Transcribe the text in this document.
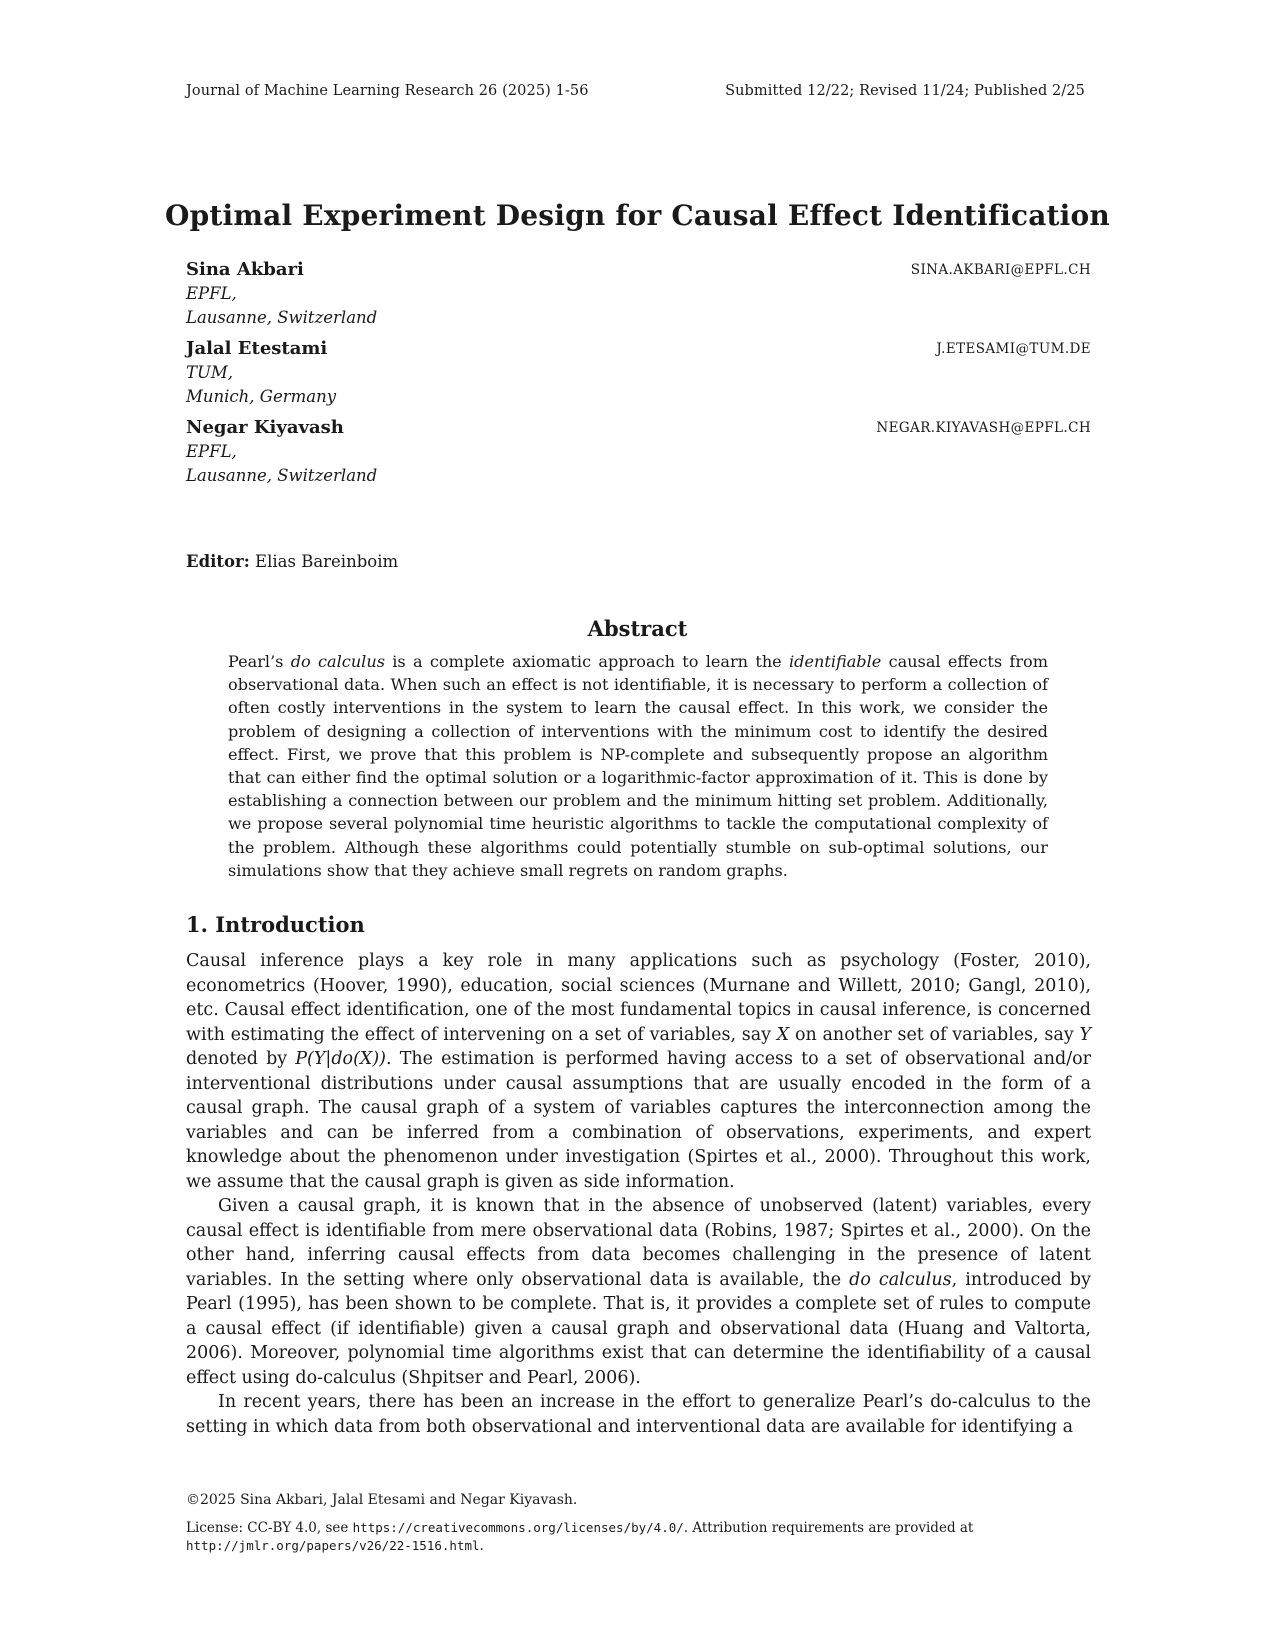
Journal of Machine Learning Research 26 (2025) 1-56	Submitted 12/22; Revised 11/24; Published 2/25
Optimal Experiment Design for Causal Effect Identification
Sina Akbari
EPFL,
Lausanne, Switzerland
SINA.AKBARI@EPFL.CH
Jalal Etestami
TUM,
Munich, Germany
J.ETESAMI@TUM.DE
Negar Kiyavash
EPFL,
Lausanne, Switzerland
NEGAR.KIYAVASH@EPFL.CH
Editor: Elias Bareinboim
Abstract
Pearl’s do calculus is a complete axiomatic approach to learn the identifiable causal effects from observational data. When such an effect is not identifiable, it is necessary to perform a collection of often costly interventions in the system to learn the causal effect. In this work, we consider the problem of designing a collection of interventions with the minimum cost to identify the desired effect. First, we prove that this problem is NP-complete and subsequently propose an algorithm that can either find the optimal solution or a logarithmic-factor approximation of it. This is done by establishing a connection between our problem and the minimum hitting set problem. Additionally, we propose several polynomial time heuristic algorithms to tackle the computational complexity of the problem. Although these algorithms could potentially stumble on sub-optimal solutions, our simulations show that they achieve small regrets on random graphs.
1. Introduction

Causal inference plays a key role in many applications such as psychology (Foster, 2010), econometrics (Hoover, 1990), education, social sciences (Murnane and Willett, 2010; Gangl, 2010), etc. Causal effect identification, one of the most fundamental topics in causal inference, is concerned with estimating the effect of intervening on a set of variables, say X on another set of variables, say Y denoted by P(Y|do(X)). The estimation is performed having access to a set of observational and/or interventional distributions under causal assumptions that are usually encoded in the form of a causal graph. The causal graph of a system of variables captures the interconnection among the variables and can be inferred from a combination of observations, experiments, and expert knowledge about the phenomenon under investigation (Spirtes et al., 2000). Throughout this work, we assume that the causal graph is given as side information.

Given a causal graph, it is known that in the absence of unobserved (latent) variables, every causal effect is identifiable from mere observational data (Robins, 1987; Spirtes et al., 2000). On the other hand, inferring causal effects from data becomes challenging in the presence of latent variables. In the setting where only observational data is available, the do calculus, introduced by Pearl (1995), has been shown to be complete. That is, it provides a complete set of rules to compute a causal effect (if identifiable) given a causal graph and observational data (Huang and Valtorta, 2006). Moreover, polynomial time algorithms exist that can determine the identifiability of a causal effect using do-calculus (Shpitser and Pearl, 2006).

In recent years, there has been an increase in the effort to generalize Pearl’s do-calculus to the setting in which data from both observational and interventional data are available for identifying a

©2025 Sina Akbari, Jalal Etesami and Negar Kiyavash.
License: CC-BY 4.0, see https://creativecommons.org/licenses/by/4.0/. Attribution requirements are provided at
http://jmlr.org/papers/v26/22-1516.html.
